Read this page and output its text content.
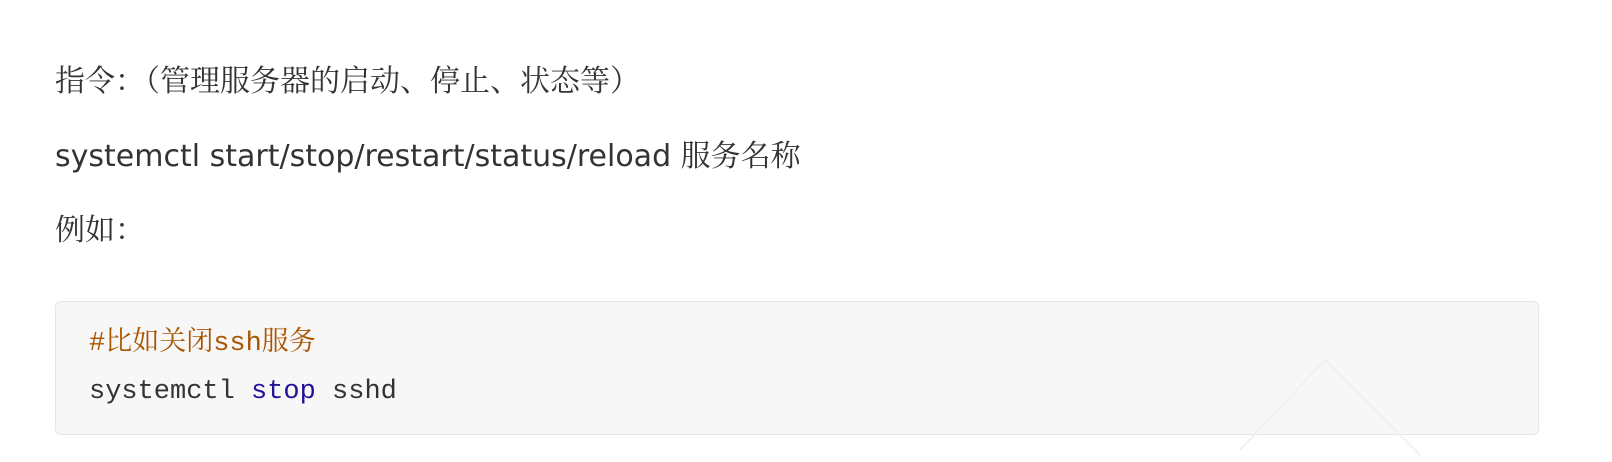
指令：（管理服务器的启动、停止、状态等）
systemctl start/stop/restart/status/reload 服务名称
例如：
#比如关闭ssh服务
systemctl stop sshd
